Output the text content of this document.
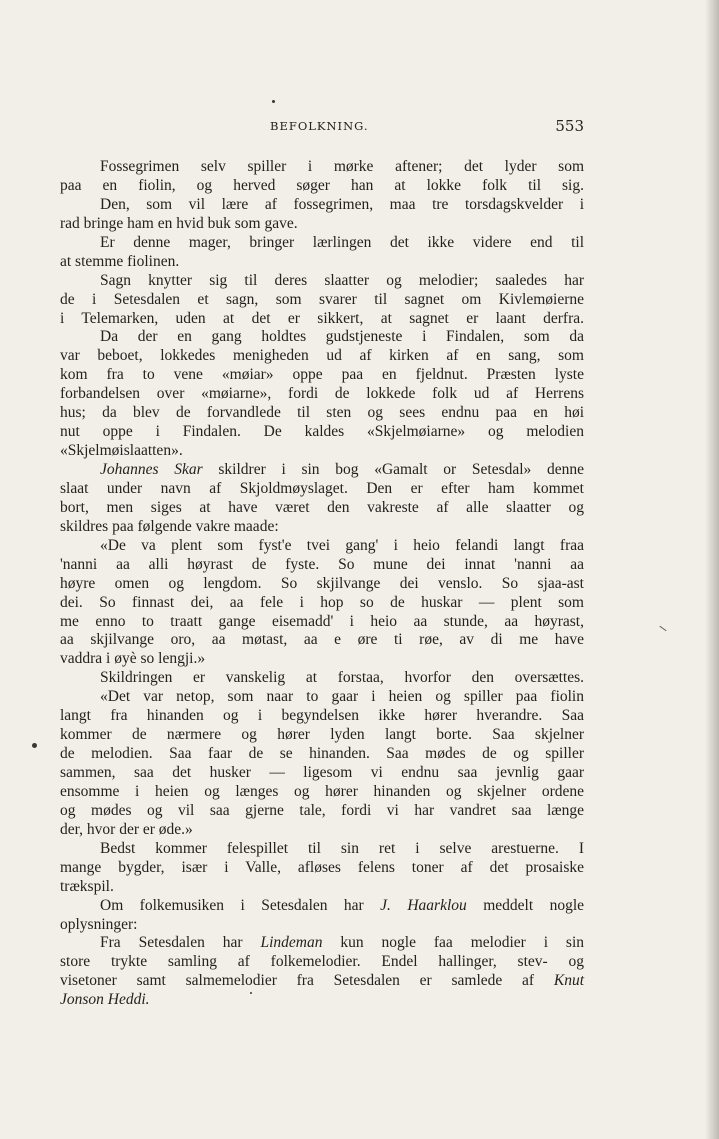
BEFOLKNING.	553
Fossegrimen selv spiller i mørke aftener; det lyder som
paa en fiolin, og herved søger han at lokke folk til sig.
Den, som vil lære af fossegrimen, maa tre torsdagskvelder i
rad bringe ham en hvid buk som gave.
Er denne mager, bringer lærlingen det ikke videre end til
at stemme fiolinen.
Sagn knytter sig til deres slaatter og melodier; saaledes har
de i Setesdalen et sagn, som svarer til sagnet om Kivlemøierne
i Telemarken, uden at det er sikkert, at sagnet er laant derfra.
Da der en gang holdtes gudstjeneste i Findalen, som da
var beboet, lokkedes menigheden ud af kirken af en sang, som
kom fra to vene «møiar» oppe paa en fjeldnut. Præsten lyste
forbandelsen over «møiarne», fordi de lokkede folk ud af Herrens
hus; da blev de forvandlede til sten og sees endnu paa en høi
nut oppe i Findalen. De kaldes «Skjelmøiarne» og melodien
«Skjelmøislaatten».
Johannes Skar skildrer i sin bog «Gamalt or Setesdal» denne
slaat under navn af Skjoldmøyslaget. Den er efter ham kommet
bort, men siges at have været den vakreste af alle slaatter og
skildres paa følgende vakre maade:
«De va plent som fyst'e tvei gang' i heio felandi langt fraa
'nanni aa alli høyrast de fyste. So mune dei innat 'nanni aa
høyre omen og lengdom. So skjilvange dei venslo. So sjaa-ast
dei. So finnast dei, aa fele i hop so de huskar — plent som
me enno to traatt gange eisemadd' i heio aa stunde, aa høyrast,
aa skjilvange oro, aa møtast, aa e øre ti røe, av di me have
vaddra i øyè so lengji.»
Skildringen er vanskelig at forstaa, hvorfor den oversættes.
«Det var netop, som naar to gaar i heien og spiller paa fiolin
langt fra hinanden og i begyndelsen ikke hører hverandre. Saa
kommer de nærmere og hører lyden langt borte. Saa skjelner
de melodien. Saa faar de se hinanden. Saa mødes de og spiller
sammen, saa det husker — ligesom vi endnu saa jevnlig gaar
ensomme i heien og længes og hører hinanden og skjelner ordene
og mødes og vil saa gjerne tale, fordi vi har vandret saa længe
der, hvor der er øde.»
Bedst kommer felespillet til sin ret i selve arestuerne. I
mange bygder, især i Valle, afløses felens toner af det prosaiske
trækspil.
Om folkemusiken i Setesdalen har J. Haarklou meddelt nogle
oplysninger:
Fra Setesdalen har Lindeman kun nogle faa melodier i sin
store trykte samling af folkemelodier. Endel hallinger, stev- og
visetoner samt salmemelodier fra Setesdalen er samlede af Knut
Jonson Heddi.
